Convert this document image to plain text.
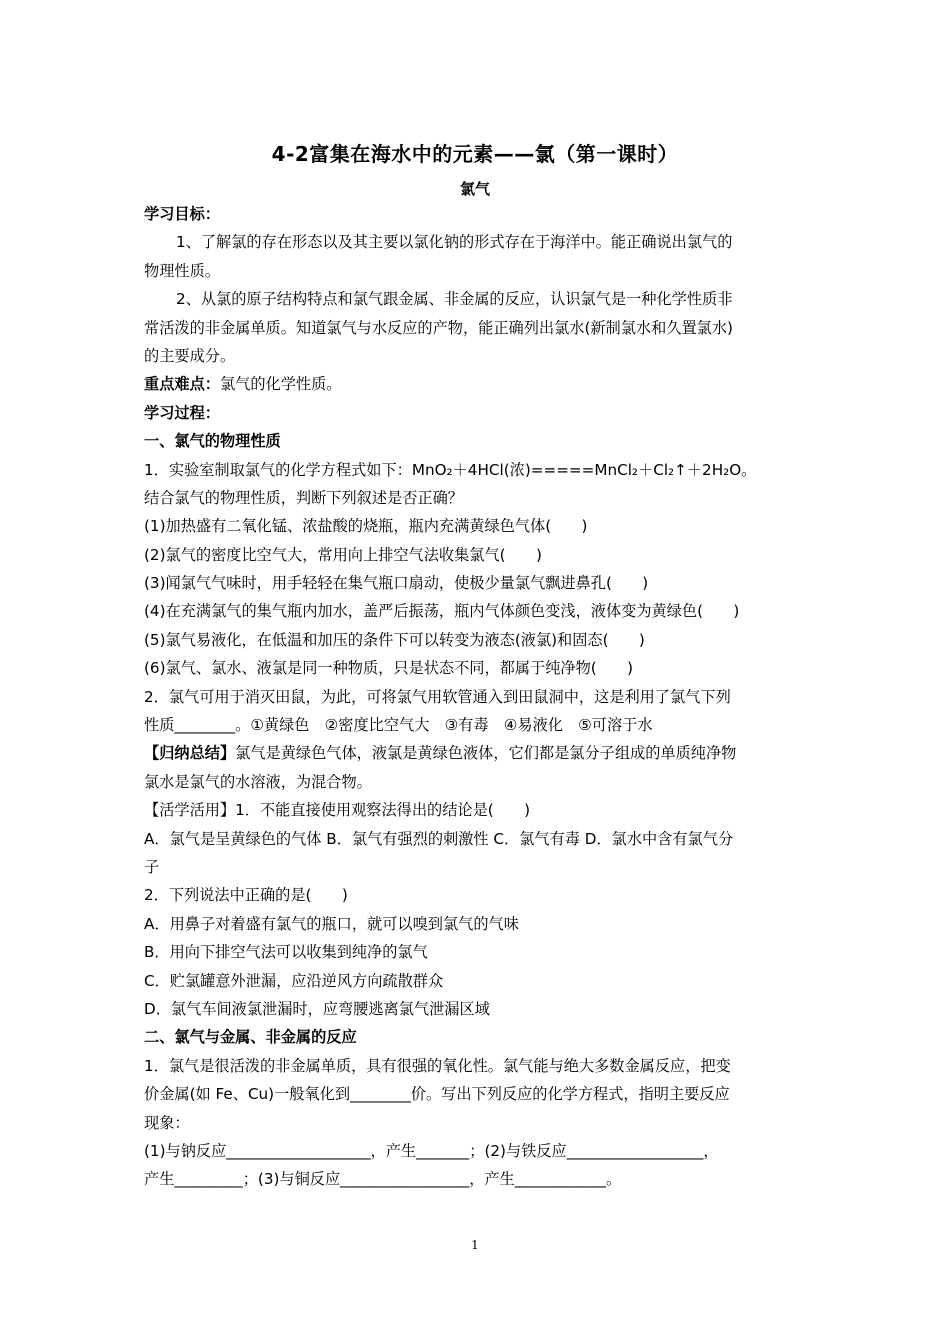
4-2富集在海水中的元素——氯（第一课时）
氯气
学习目标：
1、了解氯的存在形态以及其主要以氯化钠的形式存在于海洋中。能正确说出氯气的
物理性质。
2、从氯的原子结构特点和氯气跟金属、非金属的反应，认识氯气是一种化学性质非
常活泼的非金属单质。知道氯气与水反应的产物，能正确列出氯水(新制氯水和久置氯水)
的主要成分。
重点难点：氯气的化学性质。
学习过程：
一、氯气的物理性质
1．实验室制取氯气的化学方程式如下：MnO₂＋4HCl(浓)=====MnCl₂＋Cl₂↑＋2H₂O。
结合氯气的物理性质，判断下列叙述是否正确？
(1)加热盛有二氧化锰、浓盐酸的烧瓶，瓶内充满黄绿色气体(　　)
(2)氯气的密度比空气大，常用向上排空气法收集氯气(　　)
(3)闻氯气气味时，用手轻轻在集气瓶口扇动，使极少量氯气飘进鼻孔(　　)
(4)在充满氯气的集气瓶内加水，盖严后振荡，瓶内气体颜色变浅，液体变为黄绿色(　　)
(5)氯气易液化，在低温和加压的条件下可以转变为液态(液氯)和固态(　　)
(6)氯气、氯水、液氯是同一种物质，只是状态不同，都属于纯净物(　　)
2．氯气可用于消灭田鼠，为此，可将氯气用软管通入到田鼠洞中，这是利用了氯气下列
性质________。①黄绿色　②密度比空气大　③有毒　④易液化　⑤可溶于水
【归纳总结】氯气是黄绿色气体，液氯是黄绿色液体，它们都是氯分子组成的单质纯净物
氯水是氯气的水溶液，为混合物。
【活学活用】1．不能直接使用观察法得出的结论是(　　)
A．氯气是呈黄绿色的气体 B．氯气有强烈的刺激性 C．氯气有毒 D．氯水中含有氯气分
子
2．下列说法中正确的是(　　)
A．用鼻子对着盛有氯气的瓶口，就可以嗅到氯气的气味
B．用向下排空气法可以收集到纯净的氯气
C．贮氯罐意外泄漏，应沿逆风方向疏散群众
D．氯气车间液氯泄漏时，应弯腰逃离氯气泄漏区域
二、氯气与金属、非金属的反应
1．氯气是很活泼的非金属单质，具有很强的氧化性。氯气能与绝大多数金属反应，把变
价金属(如 Fe、Cu)一般氧化到________价。写出下列反应的化学方程式，指明主要反应
现象：
(1)与钠反应___________________，产生_______；(2)与铁反应__________________，
产生_________；(3)与铜反应_________________，产生____________。
1
